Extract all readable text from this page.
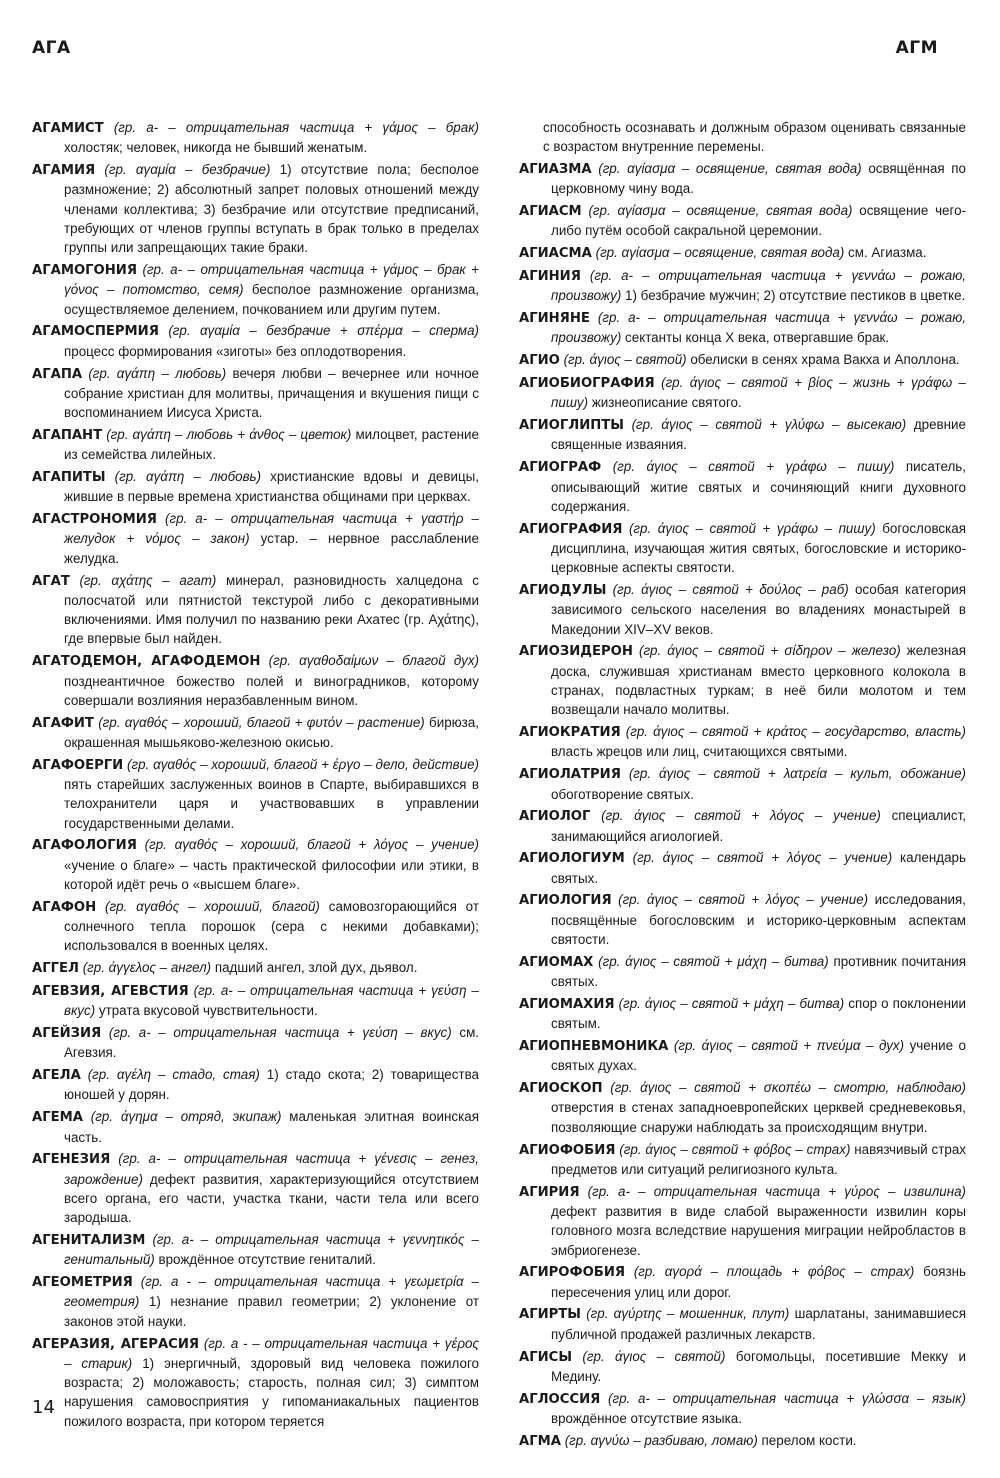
АГА	АГМ

АГАМИСТ (гр. а- – отрицательная частица + γάμος – брак) холостяк; человек, никогда не бывший женатым.

АГАМИЯ (гр. αγαμία – безбрачие) 1) отсутствие пола; бесполое размножение; 2) абсолютный запрет половых отношений между членами коллектива; 3) безбрачие или отсутствие предписаний, требующих от членов группы вступать в брак только в пределах группы или запрещающих такие браки.

АГАМОГОНИЯ (гр. а- – отрицательная частица + γάμος – брак + γόνος – потомство, семя) бесполое размножение организма, осуществляемое делением, почкованием или другим путем.

АГАМОСПЕРМИЯ (гр. αγαμία – безбрачие + σπέρμα – сперма) процесс формирования «зиготы» без оплодотворения.

АГАПА (гр. αγάπη – любовь) вечеря любви – вечернее или ночное собрание христиан для молитвы, причащения и вкушения пищи с воспоминанием Иисуса Христа.

АГАПАНТ (гр. αγάπη – любовь + άνθος – цветок) милоцвет, растение из семейства лилейных.

АГАПИТЫ (гр. αγάπη – любовь) христианские вдовы и девицы, жившие в первые времена христианства общинами при церквах.

АГАСТРОНОМИЯ (гр. а- – отрицательная частица + γαστήρ – желудок + νόμος – закон) устар. – нервное расслабление желудка.

АГАТ (гр. αχάτης – агат) минерал, разновидность халцедона с полосчатой или пятнистой текстурой либо с декоративными включениями. Имя получил по названию реки Ахатес (гр. Αχάτης), где впервые был найден.

АГАТОДЕМОН, АГАФОДЕМОН (гр. αγαθοδαίμων – благой дух) позднеантичное божество полей и виноградников, которому совершали возлияния неразбавленным вином.

АГАФИТ (гр. αγαθός – хороший, благой + φυτόν – растение) бирюза, окрашенная мышьяково-железною окисью.

АГАФОЕРГИ (гр. αγαθός – хороший, благой + έργο – дело, действие) пять старейших заслуженных воинов в Спарте, выбиравшихся в телохранители царя и участвовавших в управлении государственными делами.

АГАФОЛОГИЯ (гр. αγαθός – хороший, благой + λόγος – учение) «учение о благе» – часть практической философии или этики, в которой идёт речь о «высшем благе».

АГАФОН (гр. αγαθός – хороший, благой) самовозгорающийся от солнечного тепла порошок (сера с некими добавками); использовался в военных целях.

АГГЕЛ (гр. άγγελος – ангел) падший ангел, злой дух, дьявол.

АГЕВЗИЯ, АГЕВСТИЯ (гр. а- – отрицательная частица + γεύση – вкус) утрата вкусовой чувствительности.

АГЕЙЗИЯ (гр. а- – отрицательная частица + γεύση – вкус) см. Агевзия.

АГЕЛА (гр. αγέλη – стадо, стая) 1) стадо скота; 2) товарищества юношей у дорян.

АГЕМА (гр. άγημα – отряд, экипаж) маленькая элитная воинская часть.

АГЕНЕЗИЯ (гр. а- – отрицательная частица + γένεσις – генез, зарождение) дефект развития, характеризующийся отсутствием всего органа, его части, участка ткани, части тела или всего зародыша.

АГЕНИТАЛИЗМ (гр. а- – отрицательная частица + γεννητικός – генитальный) врождённое отсутствие гениталий.

АГЕОМЕТРИЯ (гр. а - – отрицательная частица + γεωμετρία – геометрия) 1) незнание правил геометрии; 2) уклонение от законов этой науки.

АГЕРАЗИЯ, АГЕРАСИЯ (гр. а - – отрицательная частица + γέρος – старик) 1) энергичный, здоровый вид человека пожилого возраста; 2) моложавость; старость, полная сил; 3) симптом нарушения самовосприятия у гипоманиакальных пациентов пожилого возраста, при котором теряется

способность осознавать и должным образом оценивать связанные с возрастом внутренние перемены.

АГИАЗМА (гр. αγίασμα – освящение, святая вода) освящённая по церковному чину вода.

АГИАСМ (гр. αγίασμα – освящение, святая вода) освящение чего-либо путём особой сакральной церемонии.

АГИАСМА (гр. αγίασμα – освящение, святая вода) см. Агиазма.

АГИНИЯ (гр. а- – отрицательная частица + γεννάω – рожаю, произвожу) 1) безбрачие мужчин; 2) отсутствие пестиков в цветке.

АГИНЯНЕ (гр. а- – отрицательная частица + γεννάω – рожаю, произвожу) сектанты конца X века, отвергавшие брак.

АГИО (гр. άγιος – святой) обелиски в сенях храма Вакха и Аполлона.

АГИОБИОГРАФИЯ (гр. άγιος – святой + βίος – жизнь + γράφω – пишу) жизнеописание святого.

АГИОГЛИПТЫ (гр. άγιος – святой + γλύφω – высекаю) древние священные изваяния.

АГИОГРАФ (гр. άγιος – святой + γράφω – пишу) писатель, описывающий житие святых и сочиняющий книги духовного содержания.

АГИОГРАФИЯ (гр. άγιος – святой + γράφω – пишу) богословская дисциплина, изучающая жития святых, богословские и историко-церковные аспекты святости.

АГИОДУЛЫ (гр. άγιος – святой + δούλος – раб) особая категория зависимого сельского населения во владениях монастырей в Македонии XIV–XV веков.

АГИОЗИДЕРОН (гр. άγιος – святой + σίδηρον – железо) железная доска, служившая христианам вместо церковного колокола в странах, подвластных туркам; в неё били молотом и тем возвещали начало молитвы.

АГИОКРАТИЯ (гр. άγιος – святой + κράτος – государство, власть) власть жрецов или лиц, считающихся святыми.

АГИОЛАТРИЯ (гр. άγιος – святой + λατρεία – культ, обожание) обоготворение святых.

АГИОЛОГ (гр. άγιος – святой + λόγος – учение) специалист, занимающийся агиологией.

АГИОЛОГИУМ (гр. άγιος – святой + λόγος – учение) календарь святых.

АГИОЛОГИЯ (гр. άγιος – святой + λόγος – учение) исследования, посвящённые богословским и историко-церковным аспектам святости.

АГИОМАХ (гр. άγιος – святой + μάχη – битва) противник почитания святых.

АГИОМАХИЯ (гр. άγιος – святой + μάχη – битва) спор о поклонении святым.

АГИОПНЕВМОНИКА (гр. άγιος – святой + πνεύμα – дух) учение о святых духах.

АГИОСКОП (гр. άγιος – святой + σκοπέω – смотрю, наблюдаю) отверстия в стенах западноевропейских церквей средневековья, позволяющие снаружи наблюдать за происходящим внутри.

АГИОФОБИЯ (гр. άγιος – святой + φόβος – страх) навязчивый страх предметов или ситуаций религиозного культа.

АГИРИЯ (гр. а- – отрицательная частица + γύρος – извилина) дефект развития в виде слабой выраженности извилин коры головного мозга вследствие нарушения миграции нейробластов в эмбриогенезе.

АГИРОФОБИЯ (гр. αγορά – площадь + φόβος – страх) боязнь пересечения улиц или дорог.

АГИРТЫ (гр. αγύρτης – мошенник, плут) шарлатаны, занимавшиеся публичной продажей различных лекарств.

АГИСЫ (гр. άγιος – святой) богомольцы, посетившие Мекку и Медину.

АГЛОССИЯ (гр. а- – отрицательная частица + γλώσσα – язык) врождённое отсутствие языка.

АГМА (гр. αγνύω – разбиваю, ломаю) перелом кости.

14
